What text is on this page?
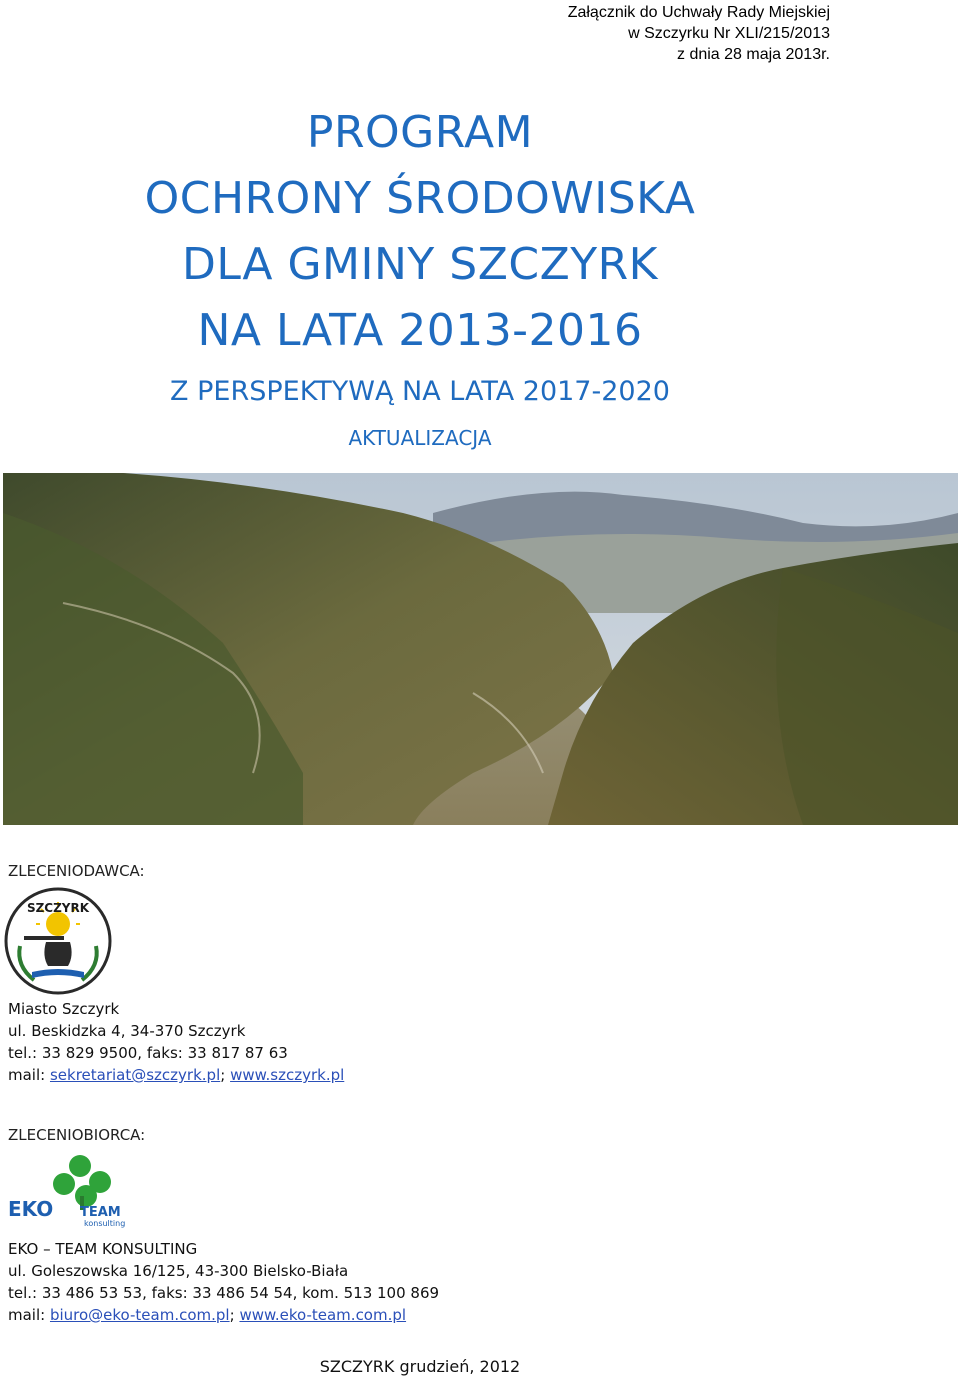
Załącznik do Uchwały Rady Miejskiej
w Szczyrku Nr XLI/215/2013
z dnia 28 maja 2013r.
PROGRAM
OCHRONY ŚRODOWISKA
DLA GMINY SZCZYRK
NA LATA 2013-2016
Z PERSPEKTYWĄ NA LATA 2017-2020
AKTUALIZACJA
ZLECENIODAWCA:
SZCZYRK
Miasto Szczyrk
ul. Beskidzka 4, 34-370 Szczyrk
tel.: 33 829 9500, faks: 33 817 87 63
mail: sekretariat@szczyrk.pl; www.szczyrk.pl
ZLECENIOBIORCA:
EKO TEAM
konsulting
EKO – TEAM KONSULTING
ul. Goleszowska 16/125, 43-300 Bielsko-Biała
tel.: 33 486 53 53, faks: 33 486 54 54, kom. 513 100 869
mail: biuro@eko-team.com.pl; www.eko-team.com.pl
SZCZYRK grudzień, 2012
